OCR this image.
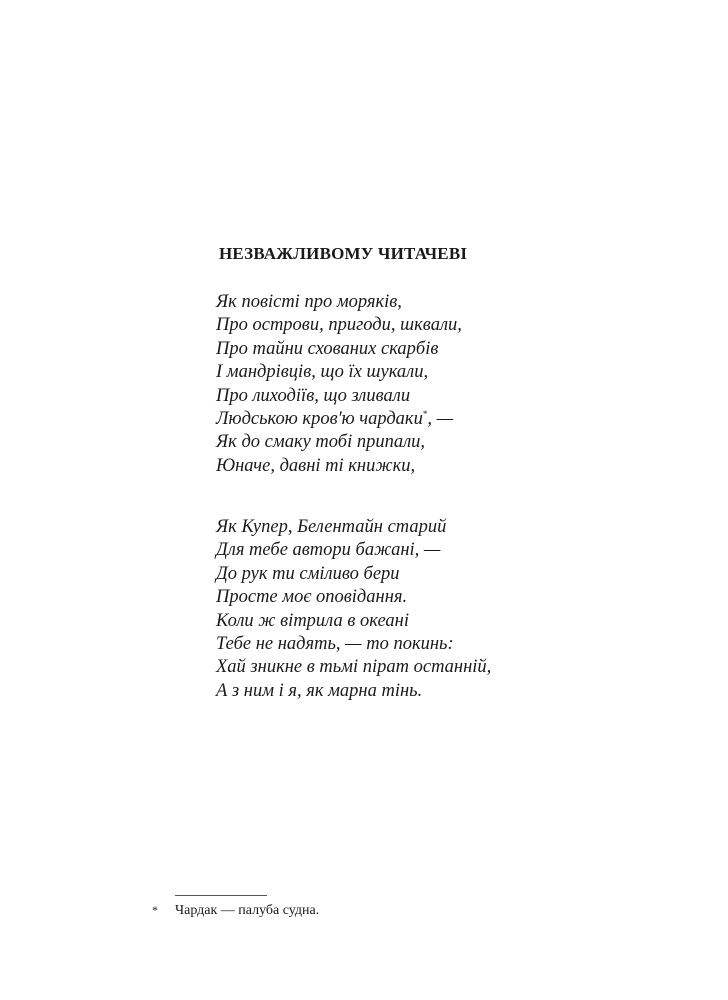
НЕЗВАЖЛИВОМУ ЧИТАЧЕВІ
Як повісті про моряків,
Про острови, пригоди, шквали,
Про тайни схованих скарбів
І мандрівців, що їх шукали,
Про лиходіїв, що зливали
Людською кров'ю чардаки*, —
Як до смаку тобі припали,
Юначе, давні ті книжки,
Як Купер, Белентайн старий
Для тебе автори бажані, —
До рук ти сміливо бери
Просте моє оповідання.
Коли ж вітрила в океані
Тебе не надять, — то покинь:
Хай зникне в тьмі пірат останній,
А з ним і я, як марна тінь.
* Чардак — палуба судна.
